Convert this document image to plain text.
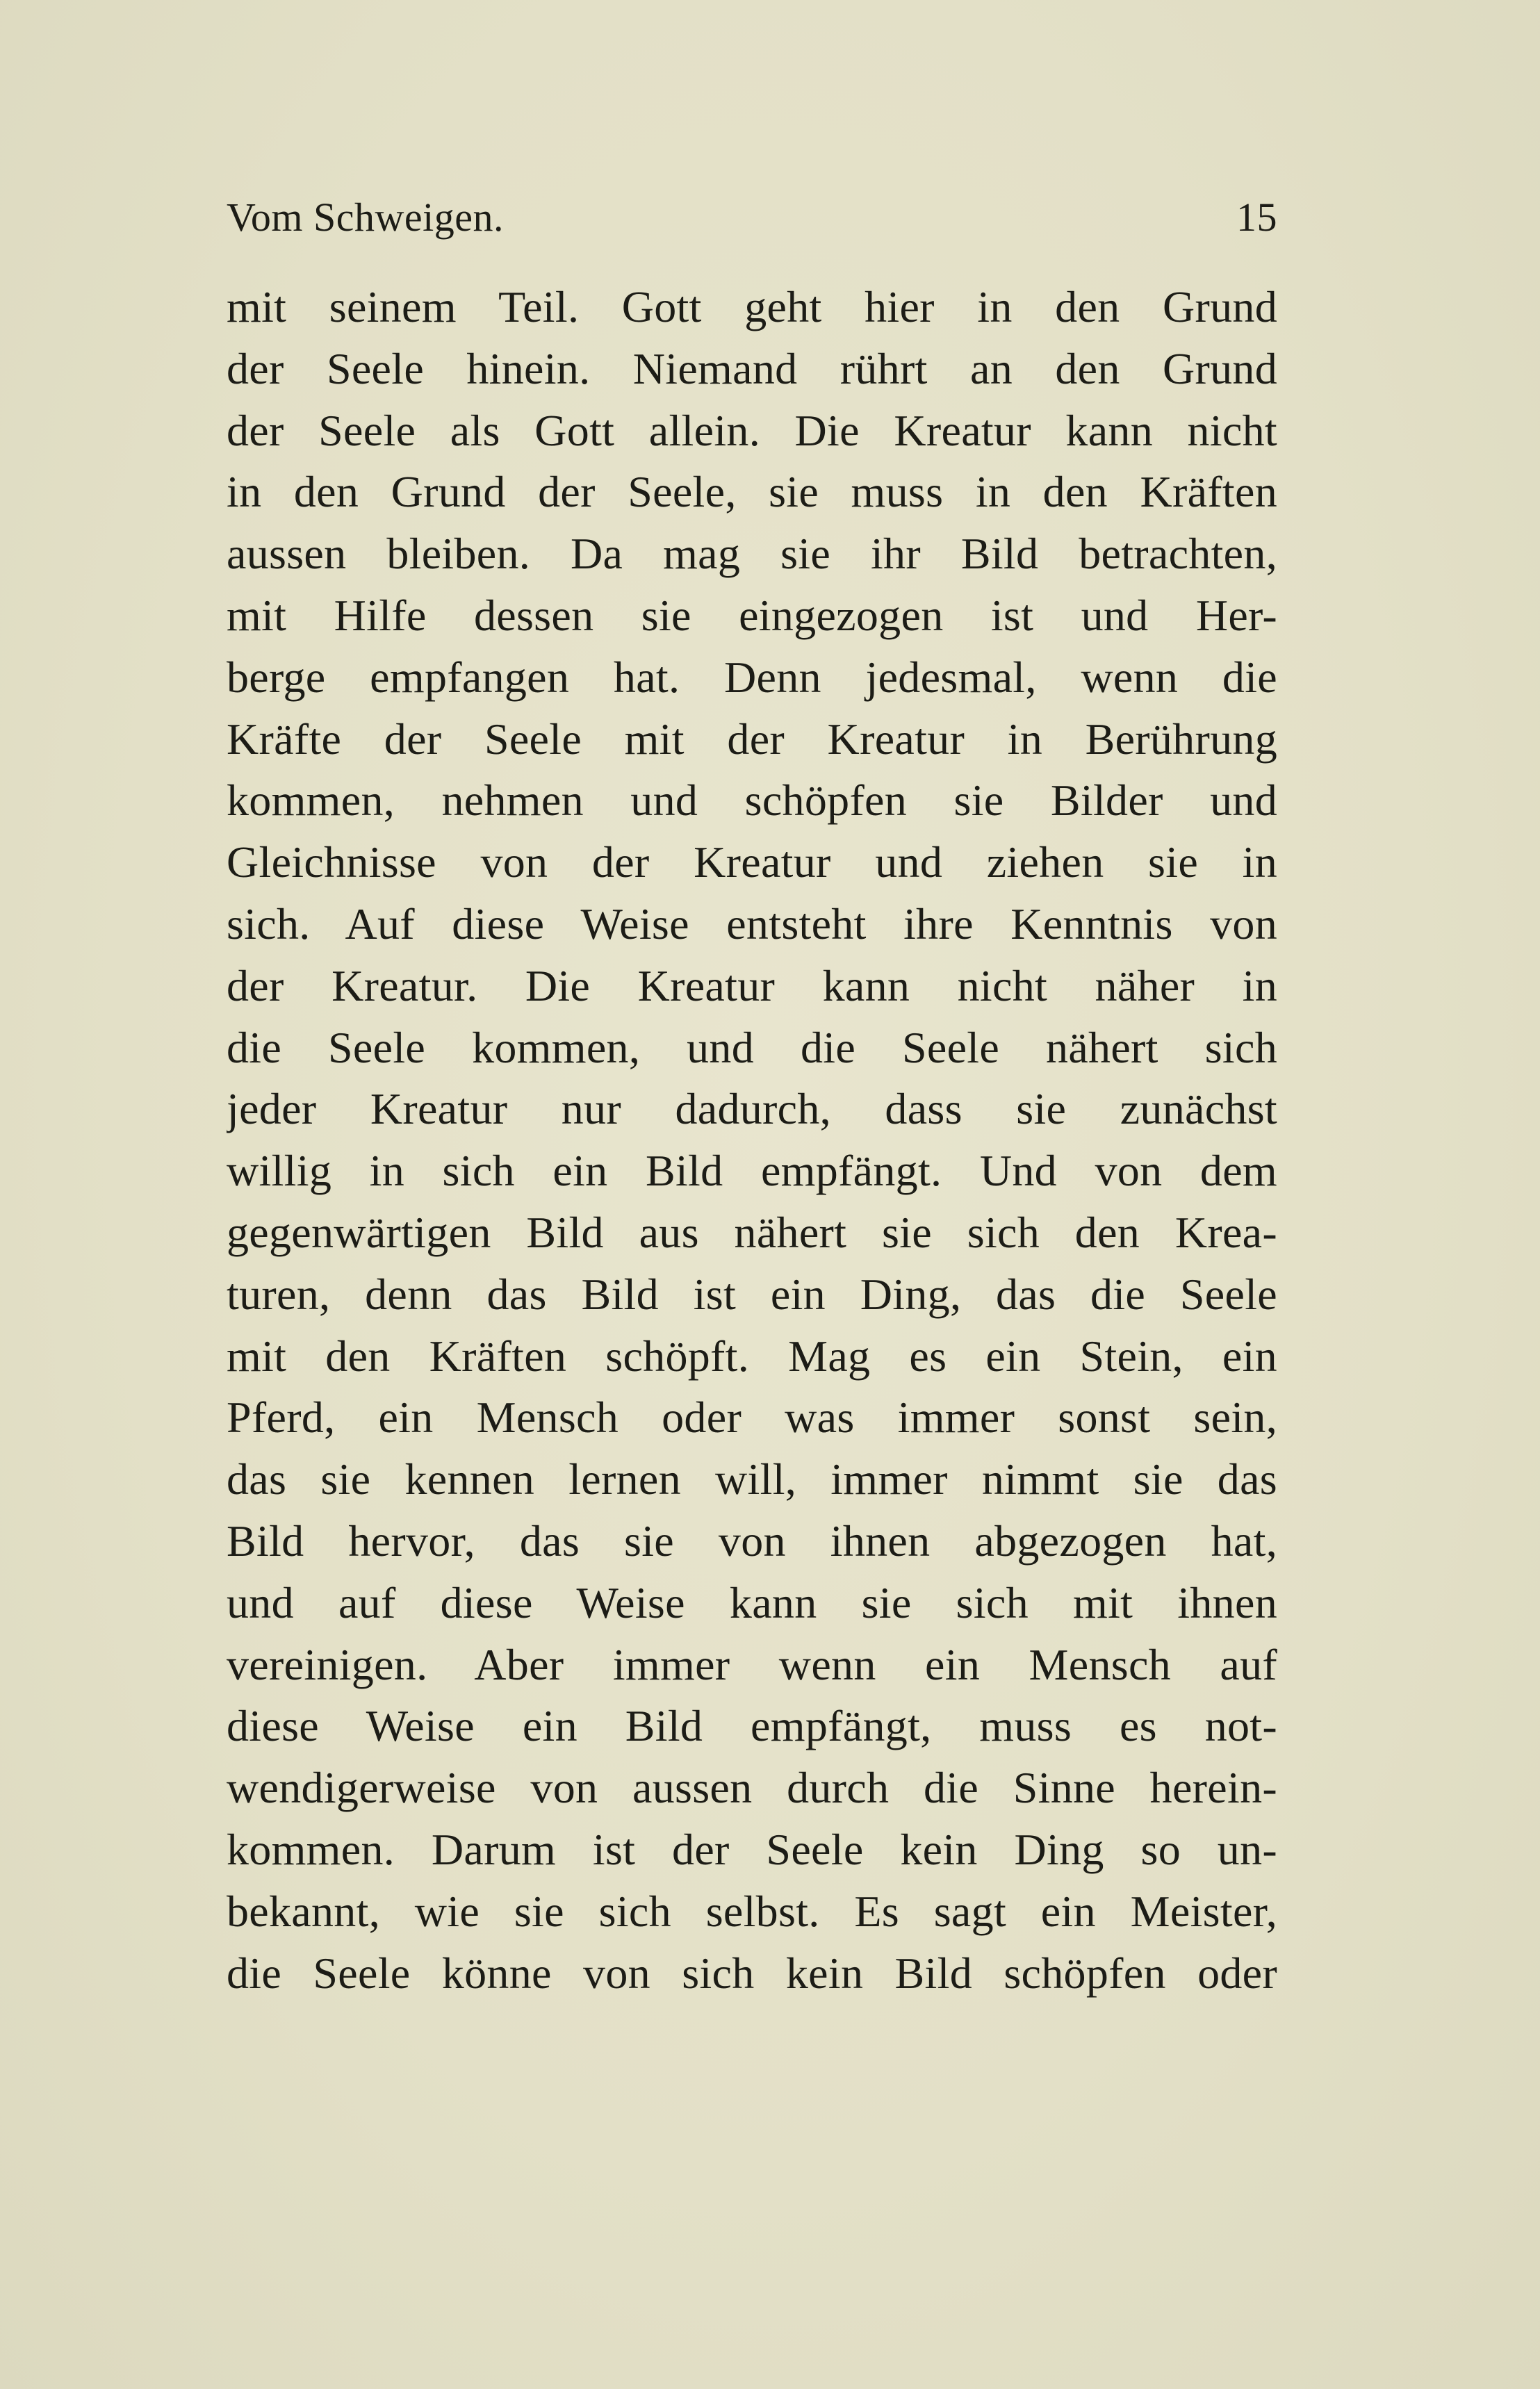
Vom Schweigen.	15
mit seinem Teil. Gott geht hier in den Grund
der Seele hinein. Niemand rührt an den Grund
der Seele als Gott allein. Die Kreatur kann nicht
in den Grund der Seele, sie muss in den Kräften
aussen bleiben. Da mag sie ihr Bild betrachten,
mit Hilfe dessen sie eingezogen ist und Her-
berge empfangen hat. Denn jedesmal, wenn die
Kräfte der Seele mit der Kreatur in Berührung
kommen, nehmen und schöpfen sie Bilder und
Gleichnisse von der Kreatur und ziehen sie in
sich. Auf diese Weise entsteht ihre Kenntnis von
der Kreatur. Die Kreatur kann nicht näher in
die Seele kommen, und die Seele nähert sich
jeder Kreatur nur dadurch, dass sie zunächst
willig in sich ein Bild empfängt. Und von dem
gegenwärtigen Bild aus nähert sie sich den Krea-
turen, denn das Bild ist ein Ding, das die Seele
mit den Kräften schöpft. Mag es ein Stein, ein
Pferd, ein Mensch oder was immer sonst sein,
das sie kennen lernen will, immer nimmt sie das
Bild hervor, das sie von ihnen abgezogen hat,
und auf diese Weise kann sie sich mit ihnen
vereinigen. Aber immer wenn ein Mensch auf
diese Weise ein Bild empfängt, muss es not-
wendigerweise von aussen durch die Sinne herein-
kommen. Darum ist der Seele kein Ding so un-
bekannt, wie sie sich selbst. Es sagt ein Meister,
die Seele könne von sich kein Bild schöpfen oder
